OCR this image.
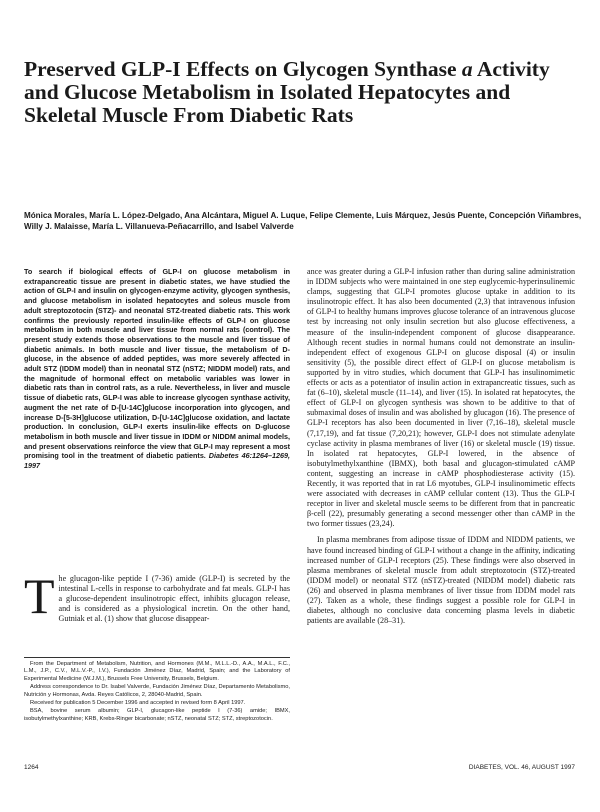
Preserved GLP-I Effects on Glycogen Synthase a Activity and Glucose Metabolism in Isolated Hepatocytes and Skeletal Muscle From Diabetic Rats

Mónica Morales, María L. López-Delgado, Ana Alcántara, Miguel A. Luque, Felipe Clemente, Luis Márquez, Jesús Puente, Concepción Viñambres, Willy J. Malaisse, María L. Villanueva-Peñacarrillo, and Isabel Valverde

To search if biological effects of GLP-I on glucose metabolism in extrapancreatic tissue are present in diabetic states, we have studied the action of GLP-I and insulin on glycogen-enzyme activity, glycogen synthesis, and glucose metabolism in isolated hepatocytes and soleus muscle from adult streptozotocin (STZ)- and neonatal STZ-treated diabetic rats. This work confirms the previously reported insulin-like effects of GLP-I on glucose metabolism in both muscle and liver tissue from normal rats (control). The present study extends those observations to the muscle and liver tissue of diabetic animals. In both muscle and liver tissue, the metabolism of D-glucose, in the absence of added peptides, was more severely affected in adult STZ (IDDM model) than in neonatal STZ (nSTZ; NIDDM model) rats, and the magnitude of hormonal effect on metabolic variables was lower in diabetic rats than in control rats, as a rule. Nevertheless, in liver and muscle tissue of diabetic rats, GLP-I was able to increase glycogen synthase activity, augment the net rate of D-[U-14C]glucose incorporation into glycogen, and increase D-[5-3H]glucose utilization, D-[U-14C]glucose oxidation, and lactate production. In conclusion, GLP-I exerts insulin-like effects on D-glucose metabolism in both muscle and liver tissue in IDDM or NIDDM animal models, and present observations reinforce the view that GLP-I may represent a most promising tool in the treatment of diabetic patients. Diabetes 46:1264–1269, 1997

The glucagon-like peptide I (7-36) amide (GLP-I) is secreted by the intestinal L-cells in response to carbohydrate and fat meals. GLP-I has a glucose-dependent insulinotropic effect, inhibits glucagon release, and is considered as a physiological incretin. On the other hand, Gutniak et al. (1) show that glucose disappear-

From the Department of Metabolism, Nutrition, and Hormones (M.M., M.L.L.-D., A.A., M.A.L., F.C., L.M., J.P., C.V., M.L.V.-P., I.V.), Fundación Jiménez Díaz, Madrid, Spain; and the Laboratory of Experimental Medicine (W.J.M.), Brussels Free University, Brussels, Belgium.

Address correspondence to Dr. Isabel Valverde, Fundación Jiménez Díaz, Departamento Metabolismo, Nutrición y Hormonas, Avda. Reyes Católicos, 2, 28040-Madrid, Spain.

Received for publication 5 December 1996 and accepted in revised form 8 April 1997.

BSA, bovine serum albumin; GLP-I, glucagon-like peptide I (7-36) amide; IBMX, isobutylmethylxanthine; KRB, Krebs-Ringer bicarbonate; nSTZ, neonatal STZ; STZ, streptozotocin.

ance was greater during a GLP-I infusion rather than during saline administration in IDDM subjects who were maintained in one step euglycemic-hyperinsulinemic clamps, suggesting that GLP-I promotes glucose uptake in addition to its insulinotropic effect. It has also been documented (2,3) that intravenous infusion of GLP-I to healthy humans improves glucose tolerance of an intravenous glucose test by increasing not only insulin secretion but also glucose effectiveness, a measure of the insulin-independent component of glucose disappearance. Although recent studies in normal humans could not demonstrate an insulin-independent effect of exogenous GLP-I on glucose disposal (4) or insulin sensitivity (5), the possible direct effect of GLP-I on glucose metabolism is supported by in vitro studies, which document that GLP-I has insulinomimetic effects or acts as a potentiator of insulin action in extrapancreatic tissues, such as fat (6–10), skeletal muscle (11–14), and liver (15). In isolated rat hepatocytes, the effect of GLP-I on glycogen synthesis was shown to be additive to that of submaximal doses of insulin and was abolished by glucagon (16). The presence of GLP-I receptors has also been documented in liver (7,16–18), skeletal muscle (7,17,19), and fat tissue (7,20,21); however, GLP-I does not stimulate adenylate cyclase activity in plasma membranes of liver (16) or skeletal muscle (19) tissue. In isolated rat hepatocytes, GLP-I lowered, in the absence of isobutylmethylxanthine (IBMX), both basal and glucagon-stimulated cAMP content, suggesting an increase in cAMP phosphodiesterase activity (15). Recently, it was reported that in rat L6 myotubes, GLP-I insulinomimetic effects were associated with decreases in cAMP cellular content (13). Thus the GLP-I receptor in liver and skeletal muscle seems to be different from that in pancreatic β-cell (22), presumably generating a second messenger other than cAMP in the two former tissues (23,24).

In plasma membranes from adipose tissue of IDDM and NIDDM patients, we have found increased binding of GLP-I without a change in the affinity, indicating increased number of GLP-I receptors (25). These findings were also observed in plasma membranes of skeletal muscle from adult streptozotocin (STZ)-treated (IDDM model) or neonatal STZ (nSTZ)-treated (NIDDM model) diabetic rats (26) and observed in plasma membranes of liver tissue from IDDM model rats (27). Taken as a whole, these findings suggest a possible role for GLP-I in diabetes, although no conclusive data concerning plasma levels in diabetic patients are available (28–31).

1264	DIABETES, VOL. 46, AUGUST 1997
